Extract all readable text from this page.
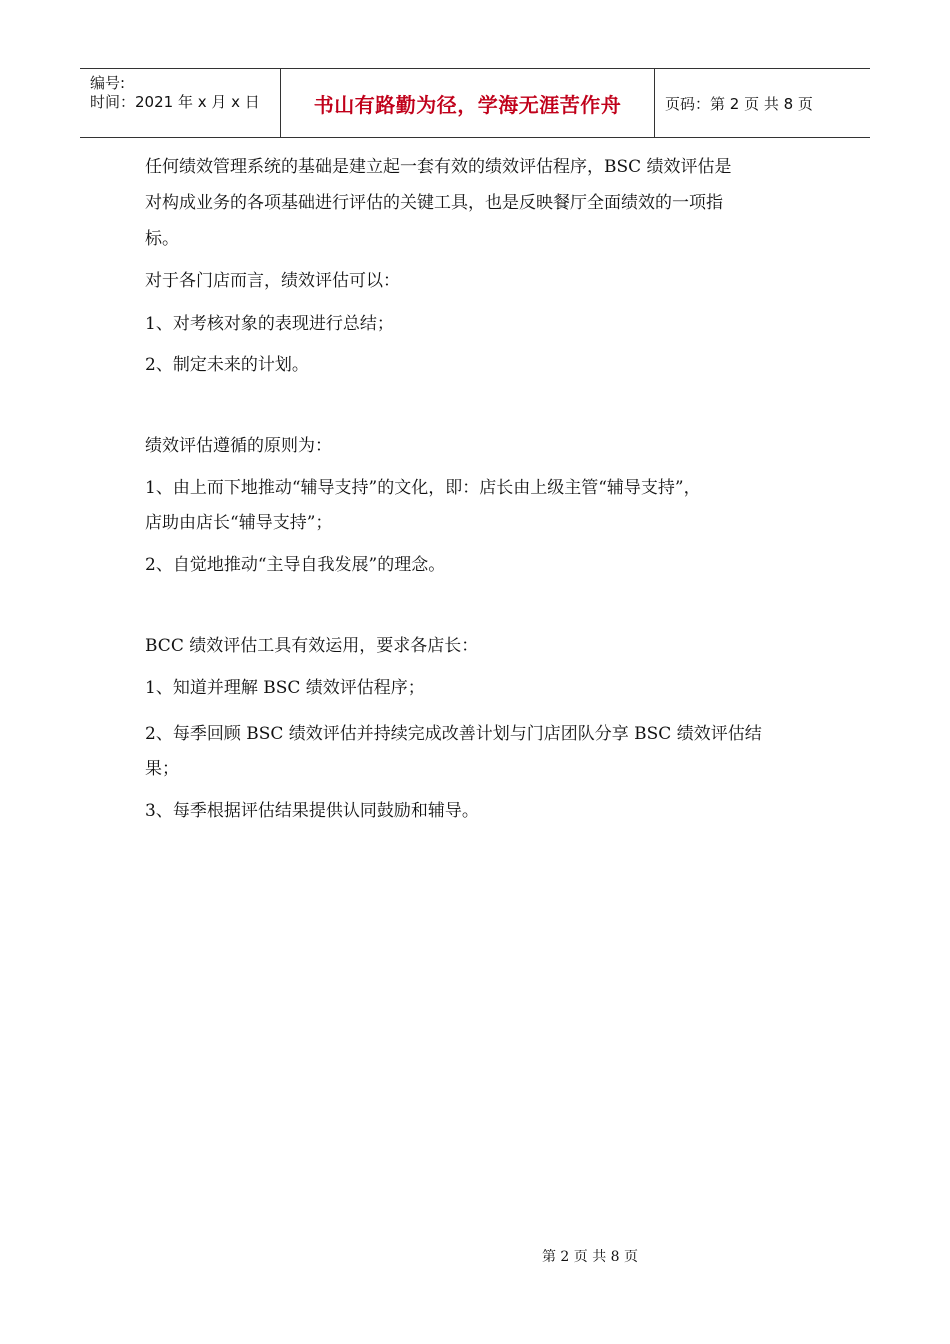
编号:
时间：2021 年 x 月 x 日	书山有路勤为径，学海无涯苦作舟	页码：第 2 页 共 8 页
任何绩效管理系统的基础是建立起一套有效的绩效评估程序，BSC 绩效评估是
对构成业务的各项基础进行评估的关键工具，也是反映餐厅全面绩效的一项指
标。
对于各门店而言，绩效评估可以：
1、对考核对象的表现进行总结；
2、制定未来的计划。
绩效评估遵循的原则为：
1、由上而下地推动“辅导支持”的文化，即：店长由上级主管“辅导支持”，
店助由店长“辅导支持”；
2、自觉地推动“主导自我发展”的理念。
BCC 绩效评估工具有效运用，要求各店长：
1、知道并理解 BSC 绩效评估程序；
2、每季回顾 BSC 绩效评估并持续完成改善计划与门店团队分享 BSC 绩效评估结
果；
3、每季根据评估结果提供认同鼓励和辅导。
第 2 页 共 8 页
